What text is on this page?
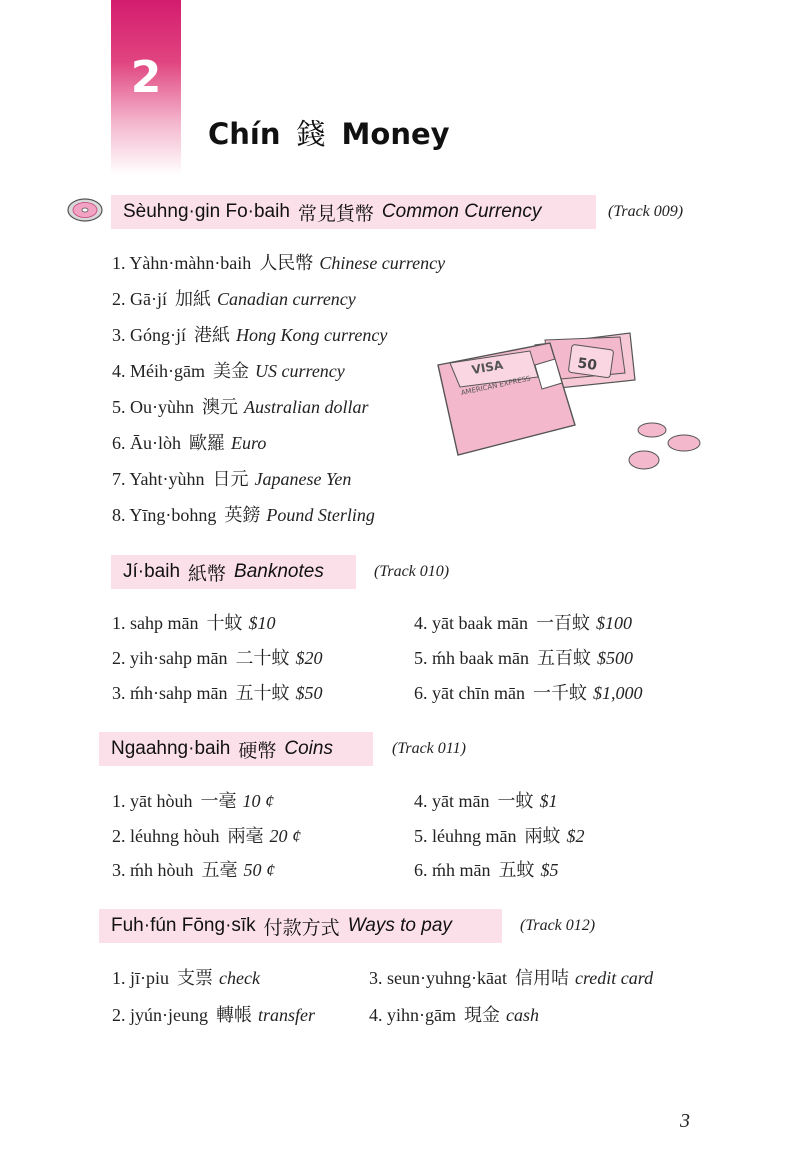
2
Chín 錢 Money
Sèuhng·gin Fo·baih 常見貨幣 Common Currency	(Track 009)
1. Yàhn·màhn·baih 人民幣 Chinese currency
2. Gā·jí 加紙 Canadian currency
3. Góng·jí 港紙 Hong Kong currency
4. Méih·gām 美金 US currency
5. Ou·yùhn 澳元 Australian dollar
6. Āu·lòh 歐羅 Euro
7. Yaht·yùhn 日元 Japanese Yen
8. Yīng·bohng 英鎊 Pound Sterling
50
VISA
AMERICAN EXPRESS
Jí·baih 紙幣 Banknotes	(Track 010)
1. sahp mān 十蚊 $10
2. yih·sahp mān 二十蚊 $20
3. ḿh·sahp mān 五十蚊 $50
4. yāt baak mān 一百蚊 $100
5. ḿh baak mān 五百蚊 $500
6. yāt chīn mān 一千蚊 $1,000
Ngaahng·baih 硬幣 Coins	(Track 011)
1. yāt hòuh 一毫 10 ¢
2. léuhng hòuh 兩毫 20 ¢
3. ḿh hòuh 五毫 50 ¢
4. yāt mān 一蚊 $1
5. léuhng mān 兩蚊 $2
6. ḿh mān 五蚊 $5
Fuh·fún Fōng·sīk 付款方式 Ways to pay	(Track 012)
1. jī·piu 支票 check
2. jyún·jeung 轉帳 transfer
3. seun·yuhng·kāat 信用咭 credit card
4. yihn·gām 現金 cash
3
